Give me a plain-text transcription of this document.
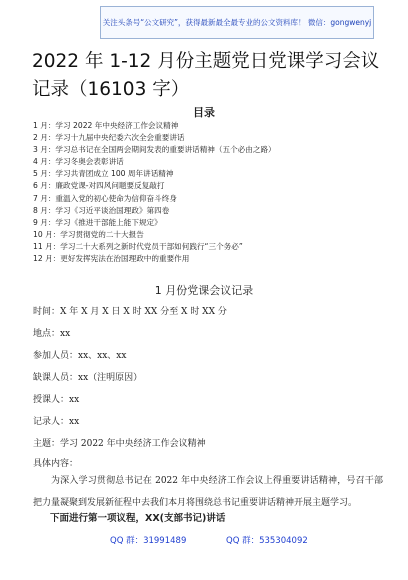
关注头条号“公文研究”，获得最新最全最专业的公文资料库！ 微信：gongwenyj
2022 年 1-12 月份主题党日党课学习会议记录（16103 字）
目录
1 月：学习 2022 年中央经济工作会议精神
2 月：学习十九届中央纪委六次全会重要讲话
3 月：学习总书记在全国两会期间发表的重要讲话精神（五个必由之路）
4 月：学习冬奥会表彰讲话
5 月：学习共青团成立 100 周年讲话精神
6 月：廉政党课-对四风问题要反复敲打
7 月：重温入党的初心使命为信仰奋斗终身
8 月：学习《习近平谈治国理政》第四卷
9 月：学习《推进干部能上能下规定》
10 月：学习贯彻党的二十大报告
11 月：学习二十大系列之新时代党员干部如何践行“三个务必”
12 月：更好发挥宪法在治国理政中的重要作用
1 月份党课会议记录
时间：X 年 X 月 X 日 X 时 XX 分至 X 时 XX 分
地点：xx
参加人员：xx、xx、xx
缺课人员：xx（注明原因）
授课人：xx
记录人：xx
主题：学习 2022 年中央经济工作会议精神
具体内容：
为深入学习贯彻总书记在 2022 年中央经济工作会议上得重要讲话精神，号召干部把力量凝聚到发展新征程中去我们本月将围绕总书记重要讲话精神开展主题学习。
下面进行第一项议程，XX(支部书记)讲话
QQ 群：31991489	QQ 群：535304092
